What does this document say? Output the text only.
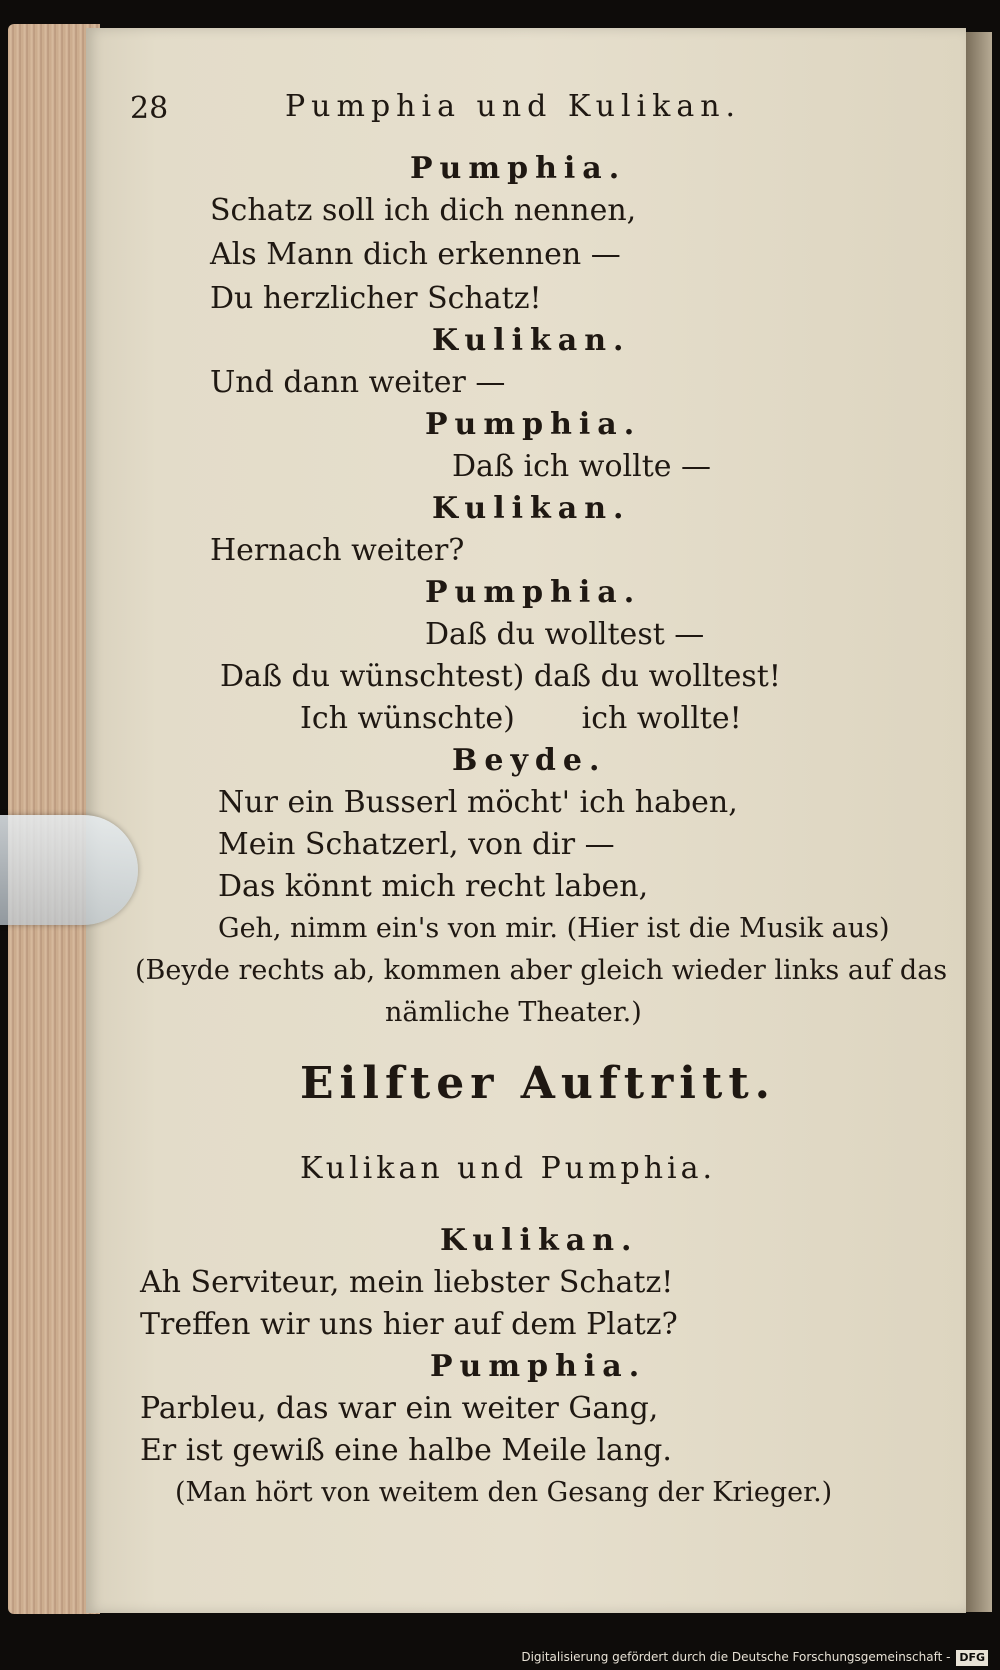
28	Pumphia und Kulikan.
Pumphia.
Schatz soll ich dich nennen,
Als Mann dich erkennen —
Du herzlicher Schatz!
Kulikan.
Und dann weiter —
Pumphia.
Daß ich wollte —
Kulikan.
Hernach weiter?
Pumphia.
Daß du wolltest —
Daß du wünschtest) daß du wolltest!
Ich wünschte)       ich wollte!
Beyde.
Nur ein Busserl möcht' ich haben,
Mein Schatzerl, von dir —
Das könnt mich recht laben,
Geh, nimm ein's von mir. (Hier ist die Musik aus)
(Beyde rechts ab, kommen aber gleich wieder links auf das
nämliche Theater.)
Eilfter Auftritt.
Kulikan und Pumphia.
Kulikan.
Ah Serviteur, mein liebster Schatz!
Treffen wir uns hier auf dem Platz?
Pumphia.
Parbleu, das war ein weiter Gang,
Er ist gewiß eine halbe Meile lang.
(Man hört von weitem den Gesang der Krieger.)
Digitalisierung gefördert durch die Deutsche Forschungsgemeinschaft - DFG
